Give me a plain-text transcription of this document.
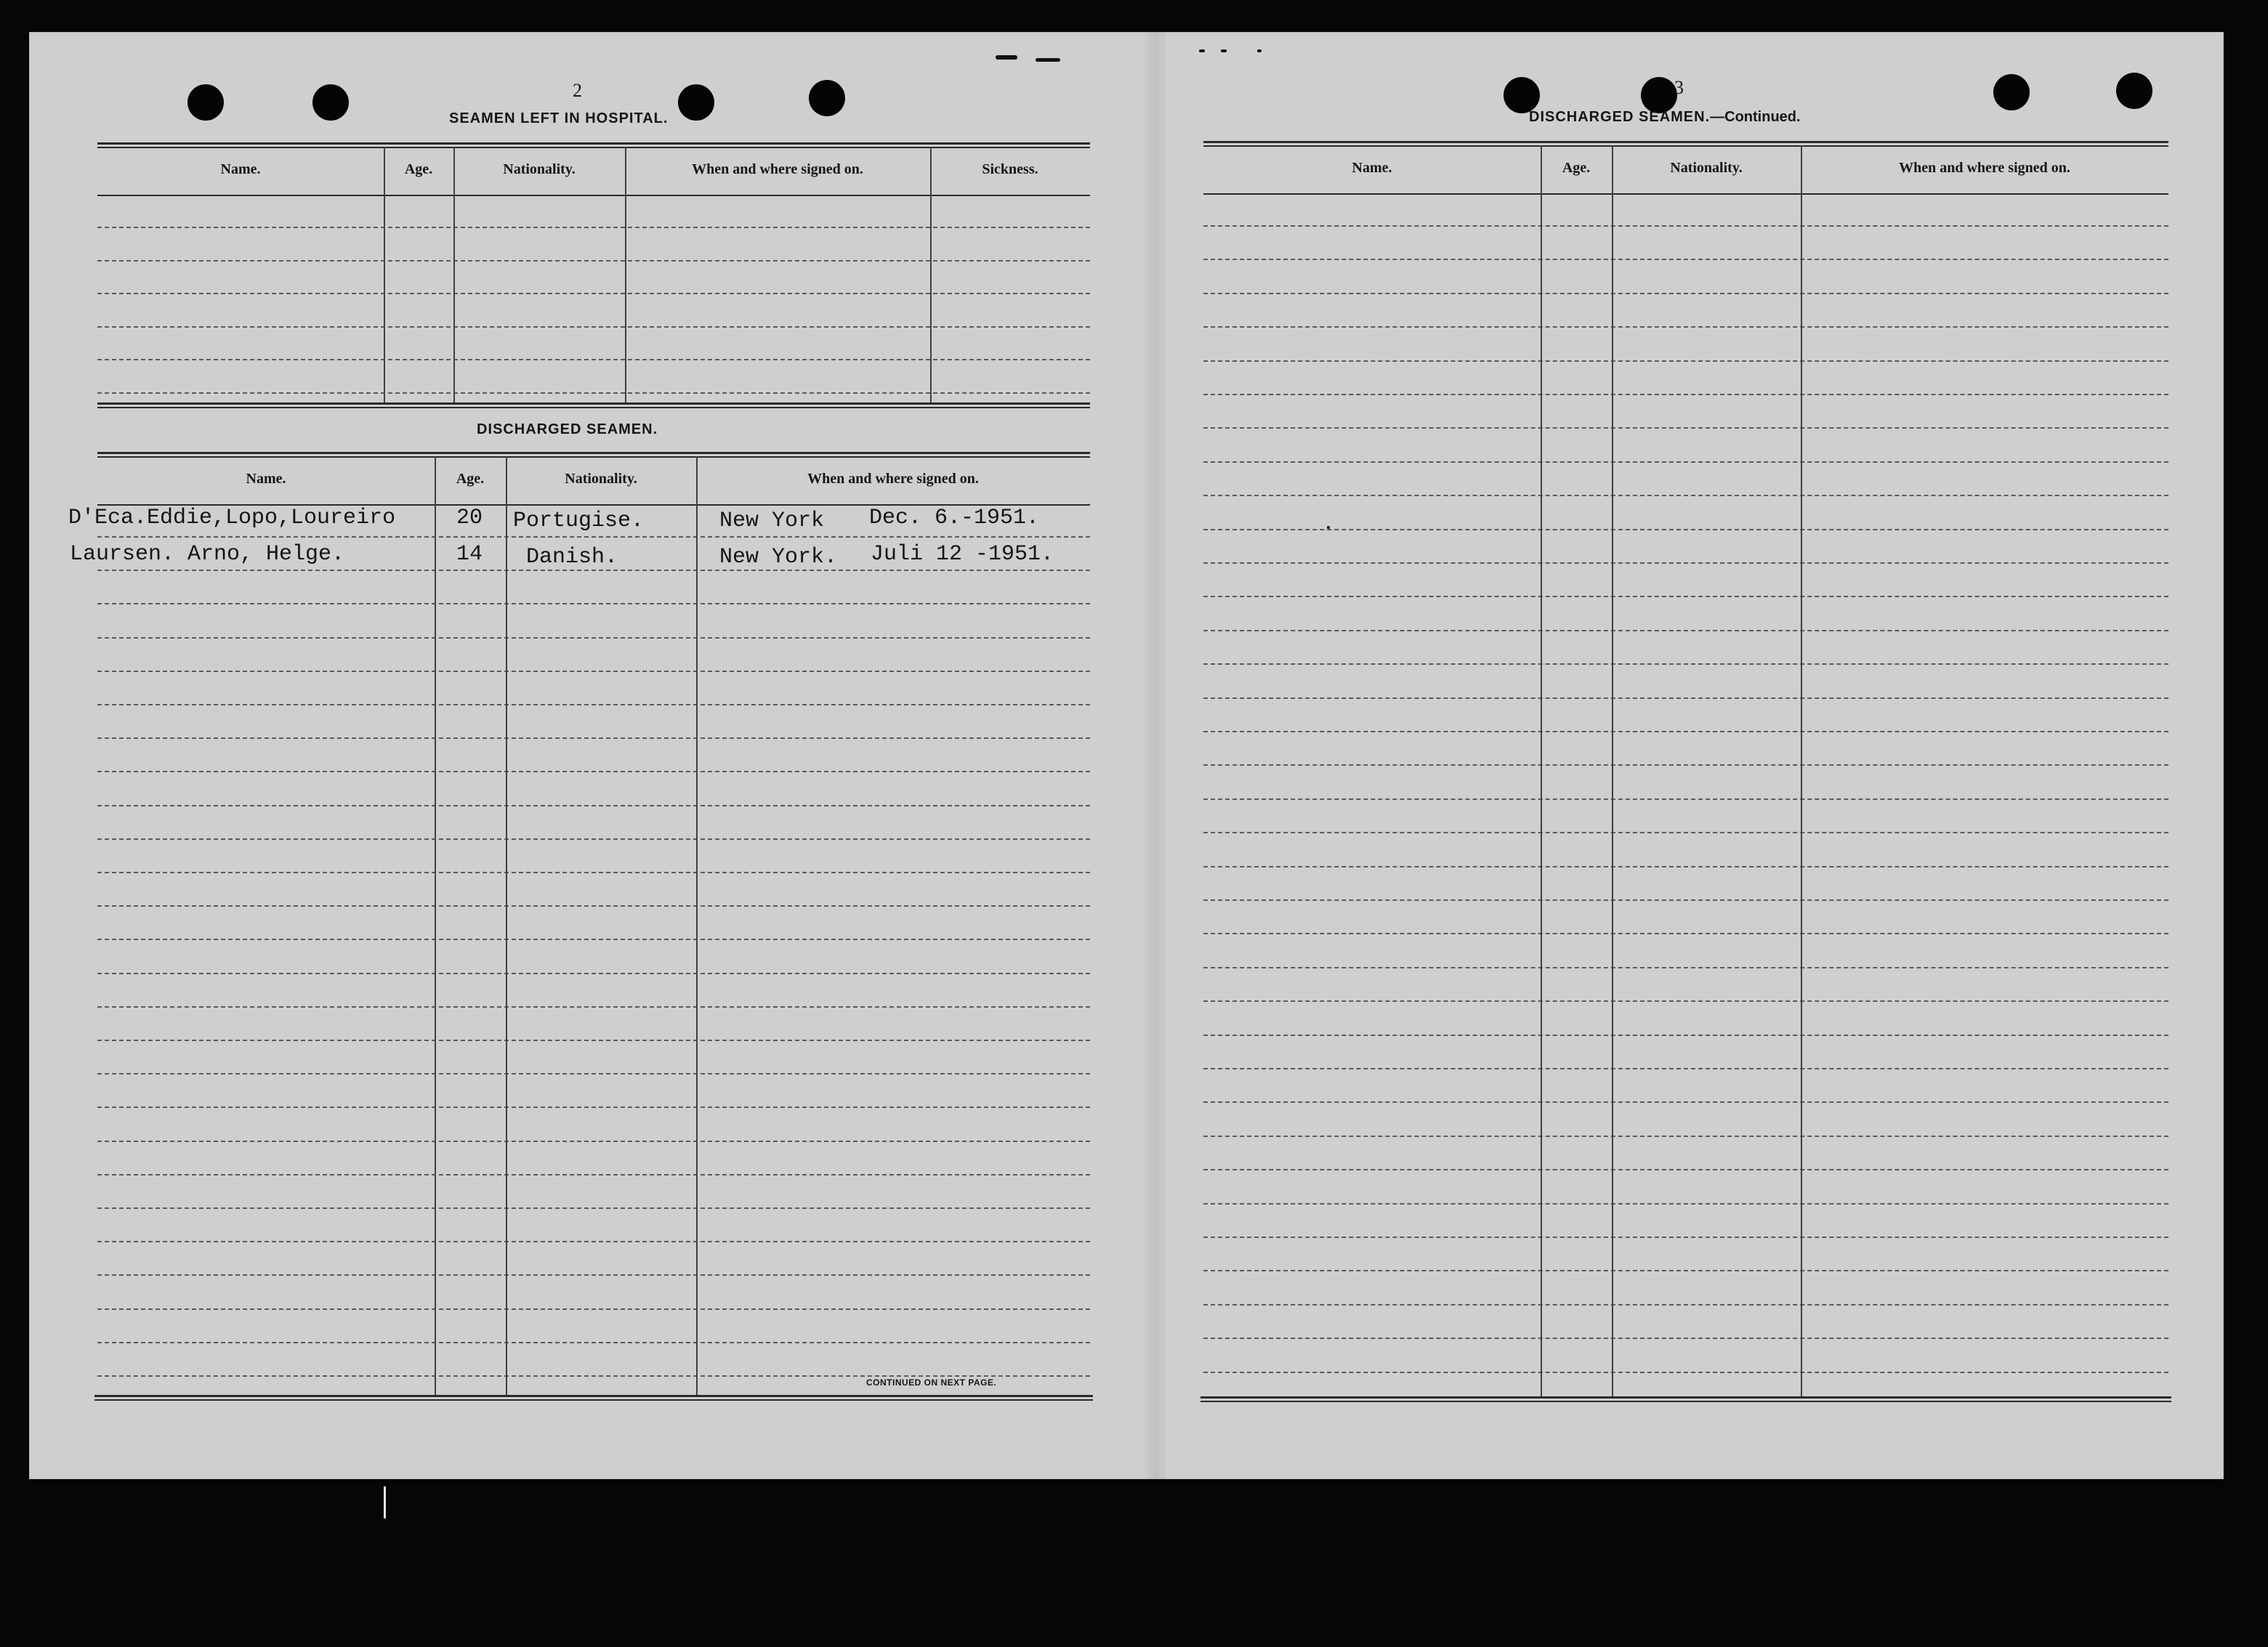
2
SEAMEN LEFT IN HOSPITAL.
Name.	Age.	Nationality.	When and where signed on.	Sickness.
DISCHARGED SEAMEN.
Name.	Age.	Nationality.	When and where signed on.
CONTINUED ON NEXT PAGE.
D'Eca.Eddie,Lopo,Loureiro	20 Portugise.	New York Dec. 6.-1951.
Laursen. Arno, Helge.	14 Danish.	New York. Juli 12 -1951.
3
DISCHARGED SEAMEN.—Continued.
Name.	Age.	Nationality.	When and where signed on.
